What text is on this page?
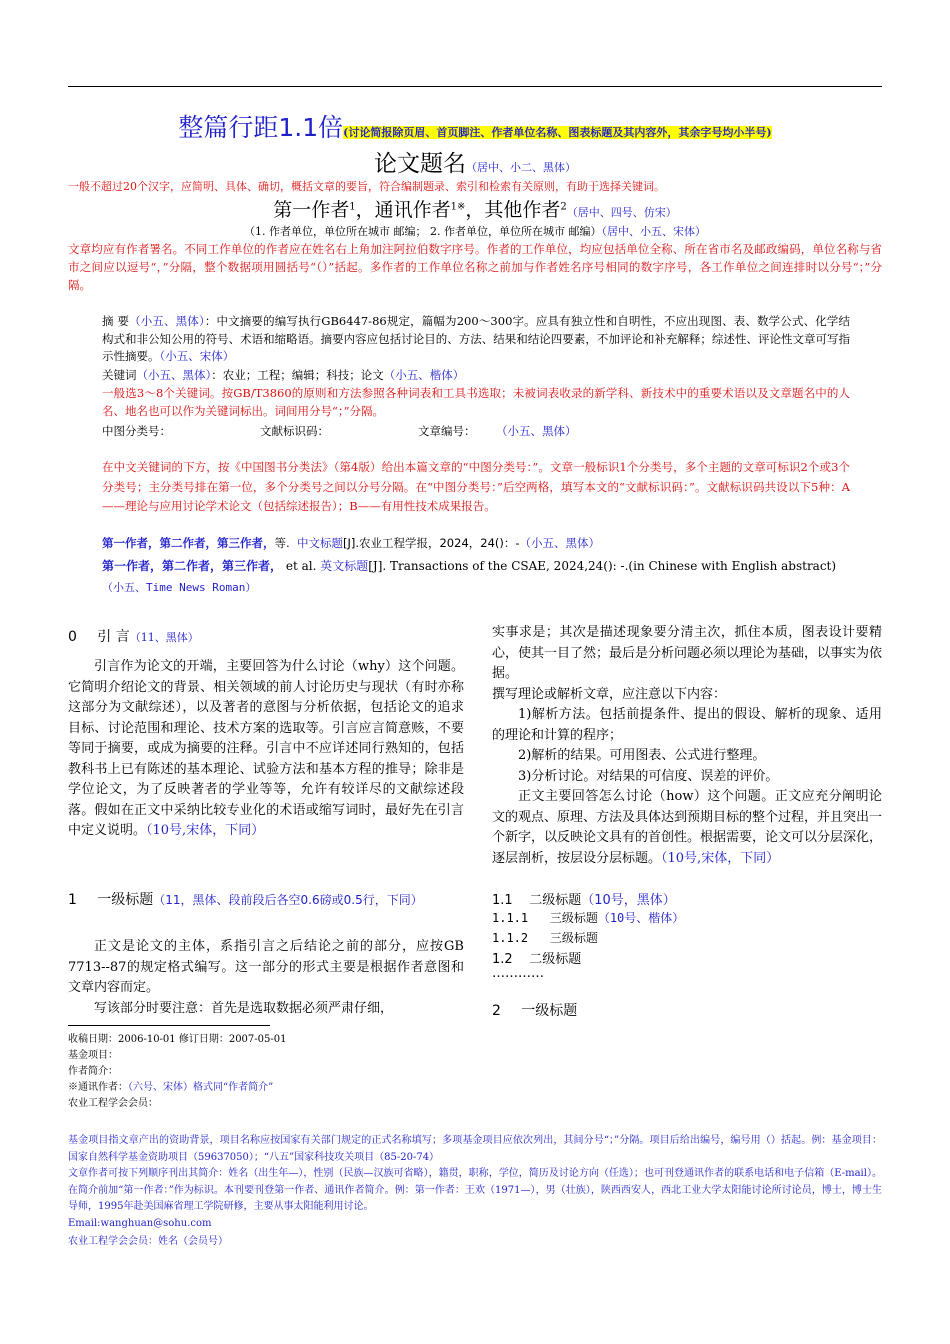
整篇行距1.1倍(讨论简报除页眉、首页脚注、作者单位名称、图表标题及其内容外，其余字号均小半号)
论文题名（居中、小二、黑体）
一般不超过20个汉字，应简明、具体、确切，概括文章的要旨，符合编制题录、索引和检索有关原则，有助于选择关键词。
第一作者$^1$，通讯作者$^{1※}$，其他作者$^2$（居中、四号、仿宋）
（1. 作者单位，单位所在城市 邮编； 2. 作者单位，单位所在城市 邮编）（居中、小五、宋体）
文章均应有作者署名。不同工作单位的作者应在姓名右上角加注阿拉伯数字序号。作者的工作单位，均应包括单位全称、所在省市名及邮政编码，单位名称与省市之间应以逗号“，”分隔，整个数据项用圆括号“（）”括起。多作者的工作单位名称之前加与作者姓名序号相同的数字序号，各工作单位之间连排时以分号“；”分隔。
摘 要（小五、黑体）：中文摘要的编写执行GB6447-86规定，篇幅为200～300字。应具有独立性和自明性，不应出现图、表、数学公式、化学结构式和非公知公用的符号、术语和缩略语。摘要内容应包括讨论目的、方法、结果和结论四要素，不加评论和补充解释；综述性、评论性文章可写指示性摘要。（小五、宋体）
关键词（小五、黑体）：农业；工程；编辑；科技；论文（小五、楷体）
一般选3～8个关键词。按GB/T3860的原则和方法参照各种词表和工具书选取；未被词表收录的新学科、新技术中的重要术语以及文章题名中的人名、地名也可以作为关键词标出。词间用分号“；”分隔。
中图分类号：	文献标识码：	文章编号： （小五、黑体）
在中文关键词的下方，按《中国图书分类法》（第4版）给出本篇文章的“中图分类号：”。文章一般标识1个分类号，多个主题的文章可标识2个或3个分类号；主分类号排在第一位，多个分类号之间以分号分隔。在“中图分类号：”后空两格，填写本文的“文献标识码：”。文献标识码共设以下5种：A——理论与应用讨论学术论文（包括综述报告）；B——有用性技术成果报告。
第一作者，第二作者，第三作者，等. 中文标题[J].农业工程学报，2024，24()：-（小五、黑体）
第一作者，第二作者，第三作者， et al. 英文标题[J]. Transactions of the CSAE, 2024,24(): -.(in Chinese with English abstract) （小五、Time News Roman）
0 引 言（11、黑体）

引言作为论文的开端，主要回答为什么讨论（why）这个问题。它简明介绍论文的背景、相关领域的前人讨论历史与现状（有时亦称这部分为文献综述），以及著者的意图与分析依据，包括论文的追求目标、讨论范围和理论、技术方案的选取等。引言应言简意赅，不要等同于摘要，或成为摘要的注释。引言中不应详述同行熟知的，包括教科书上已有陈述的基本理论、试验方法和基本方程的推导；除非是学位论文，为了反映著者的学业等等，允许有较详尽的文献综述段落。假如在正文中采纳比较专业化的术语或缩写词时，最好先在引言中定义说明。（10号,宋体，下同）

1 一级标题（11，黑体、段前段后各空0.6磅或0.5行，下同）

正文是论文的主体，系指引言之后结论之前的部分，应按GB 7713--87的规定格式编写。这一部分的形式主要是根据作者意图和文章内容而定。

写该部分时要注意：首先是选取数据必须严肃仔细，

收稿日期：2006-10-01 修订日期：2007-05-01
基金项目：
作者简介：
※通讯作者：（六号、宋体）格式同“作者简介”
农业工程学会会员：

实事求是；其次是描述现象要分清主次，抓住本质，图表设计要精心，使其一目了然；最后是分析问题必须以理论为基础，以事实为依据。

撰写理论或解析文章，应注意以下内容：

1)解析方法。包括前提条件、提出的假设、解析的现象、适用的理论和计算的程序；

2)解析的结果。可用图表、公式进行整理。

3)分析讨论。对结果的可信度、误差的评价。

正文主要回答怎么讨论（how）这个问题。正文应充分阐明论文的观点、原理、方法及具体达到预期目标的整个过程，并且突出一个新字，以反映论文具有的首创性。根据需要，论文可以分层深化，逐层剖析，按层设分层标题。（10号,宋体，下同）

1.1 二级标题（10号，黑体）
1.1.1 三级标题（10号、楷体）
1.1.2 三级标题
1.2 二级标题
…………
2 一级标题
基金项目指文章产出的资助背景，项目名称应按国家有关部门规定的正式名称填写；多项基金项目应依次列出，其间分号“；”分隔。项目后给出编号，编号用（）括起。例：基金项目：国家自然科学基金资助项目（59637050）；“八五”国家科技攻关项目（85-20-74）
文章作者可按下列顺序刊出其简介：姓名（出生年—），性别（民族—汉族可省略），籍贯，职称，学位，简历及讨论方向（任选）；也可刊登通讯作者的联系电话和电子信箱（E-mail）。在简介前加“第一作者：”作为标识。本刊要刊登第一作者、通讯作者简介。例：第一作者：王欢（1971—），男（壮族），陕西西安人，西北工业大学太阳能讨论所讨论员，博士，博士生导师，1995年赴美国麻省理工学院研修，主要从事太阳能利用讨论。
Email:wanghuan@sohu.com
农业工程学会会员：姓名（会员号）
